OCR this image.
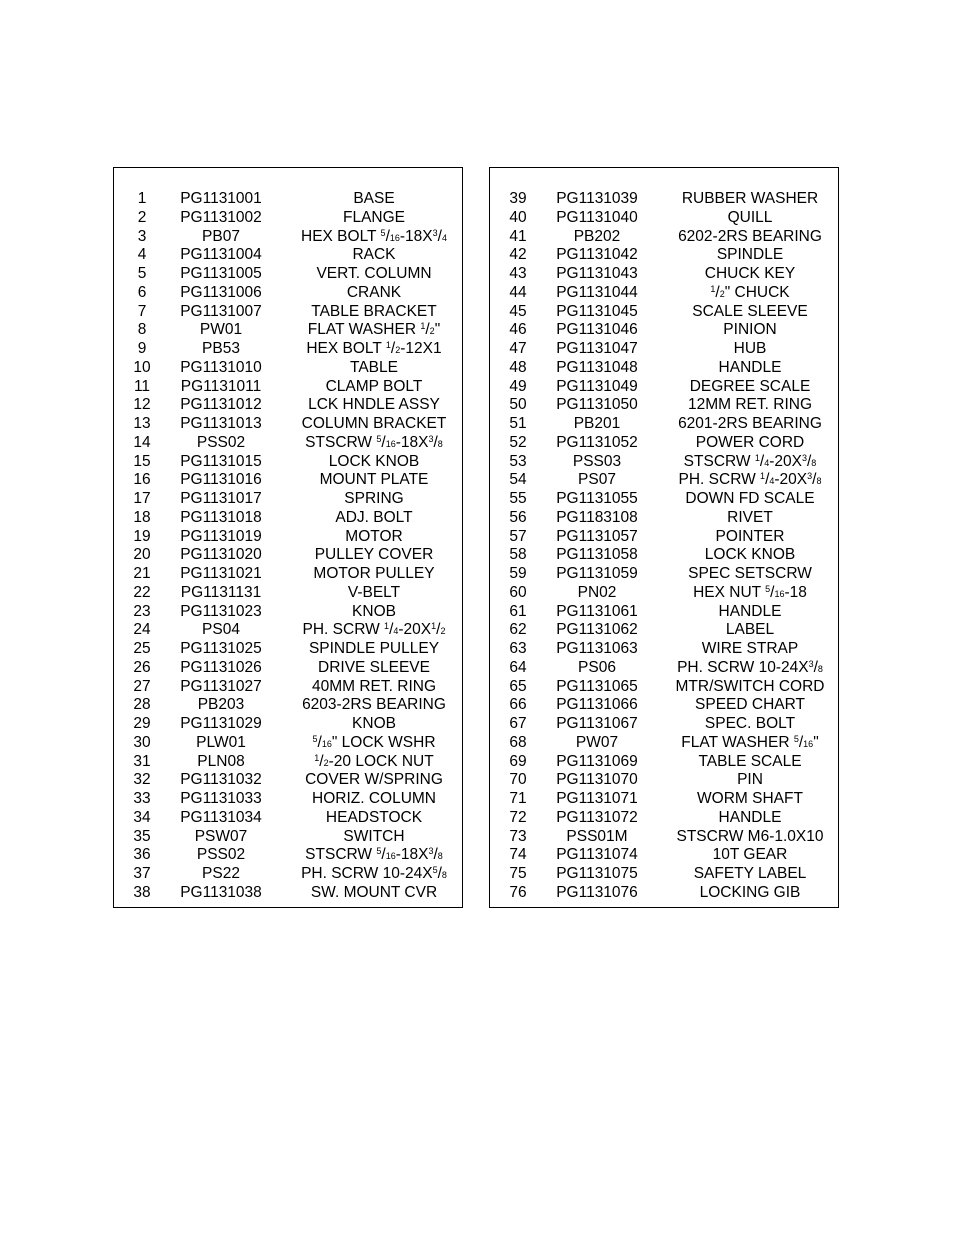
1	PG1131001	BASE
2	PG1131002	FLANGE
3	PB07	HEX BOLT $^5/16-18X^3/4$
4	PG1131004	RACK
5	PG1131005	VERT. COLUMN
6	PG1131006	CRANK
7	PG1131007	TABLE BRACKET
8	PW01	FLAT WASHER $^1$/2"
9	PB53	HEX BOLT $^1$/2-12X1
10	PG1131010	TABLE
11	PG1131011	CLAMP BOLT
12	PG1131012	LCK HNDLE ASSY
13	PG1131013	COLUMN BRACKET
14	PSS02	STSCRW $^5/16-18X^3/8$
15	PG1131015	LOCK KNOB
16	PG1131016	MOUNT PLATE
17	PG1131017	SPRING
18	PG1131018	ADJ. BOLT
19	PG1131019	MOTOR
20	PG1131020	PULLEY COVER
21	PG1131021	MOTOR PULLEY
22	PG1131131	V-BELT
23	PG1131023	KNOB
24	PS04	PH. SCRW $^1/4-20X^1/2$
25	PG1131025	SPINDLE PULLEY
26	PG1131026	DRIVE SLEEVE
27	PG1131027	40MM RET. RING
28	PB203	6203-2RS BEARING
29	PG1131029	KNOB
30	PLW01	$^5$/16" LOCK WSHR
31	PLN08	$^1$/2-20 LOCK NUT
32	PG1131032	COVER W/SPRING
33	PG1131033	HORIZ. COLUMN
34	PG1131034	HEADSTOCK
35	PSW07	SWITCH
36	PSS02	STSCRW $^5/16-18X^3/8$
37	PS22	PH. SCRW $10-24X^5/8$
38	PG1131038	SW. MOUNT CVR
39	PG1131039	RUBBER WASHER
40	PG1131040	QUILL
41	PB202	6202-2RS BEARING
42	PG1131042	SPINDLE
43	PG1131043	CHUCK KEY
44	PG1131044	$^1$/2" CHUCK
45	PG1131045	SCALE SLEEVE
46	PG1131046	PINION
47	PG1131047	HUB
48	PG1131048	HANDLE
49	PG1131049	DEGREE SCALE
50	PG1131050	12MM RET. RING
51	PB201	6201-2RS BEARING
52	PG1131052	POWER CORD
53	PSS03	STSCRW $^1/4-20X^3/8$
54	PS07	PH. SCRW $^1/4-20X^3/8$
55	PG1131055	DOWN FD SCALE
56	PG1183108	RIVET
57	PG1131057	POINTER
58	PG1131058	LOCK KNOB
59	PG1131059	SPEC SETSCRW
60	PN02	HEX NUT $^5$/16-18
61	PG1131061	HANDLE
62	PG1131062	LABEL
63	PG1131063	WIRE STRAP
64	PS06	PH. SCRW $10-24X^3/8$
65	PG1131065	MTR/SWITCH CORD
66	PG1131066	SPEED CHART
67	PG1131067	SPEC. BOLT
68	PW07	FLAT WASHER $^5$/16"
69	PG1131069	TABLE SCALE
70	PG1131070	PIN
71	PG1131071	WORM SHAFT
72	PG1131072	HANDLE
73	PSS01M	STSCRW M6-1.0X10
74	PG1131074	10T GEAR
75	PG1131075	SAFETY LABEL
76	PG1131076	LOCKING GIB
